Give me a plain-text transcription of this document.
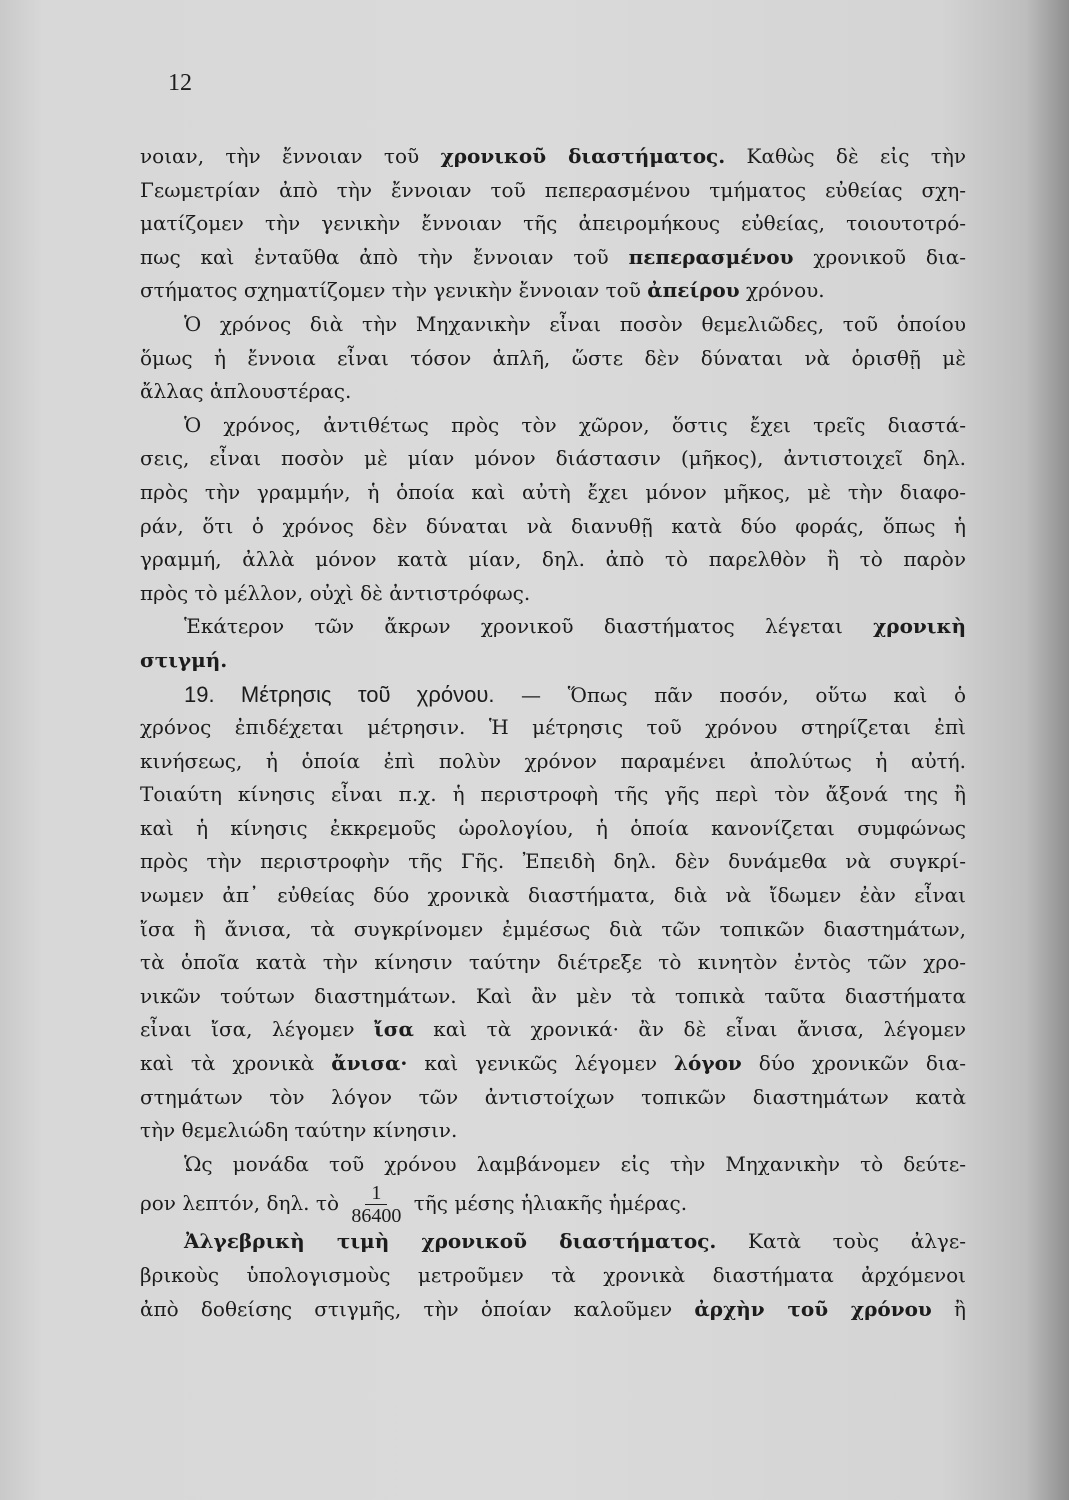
12
νοιαν, τὴν ἔννοιαν τοῦ χρονικοῦ διαστήματος. Καθὼς δὲ εἰς τὴν
Γεωμετρίαν ἀπὸ τὴν ἔννοιαν τοῦ πεπερασμένου τμήματος εὐθείας σχη-
ματίζομεν τὴν γενικὴν ἔννοιαν τῆς ἀπειρομήκους εὐθείας, τοιουτοτρό-
πως καὶ ἐνταῦθα ἀπὸ τὴν ἔννοιαν τοῦ πεπερασμένου χρονικοῦ δια-
στήματος σχηματίζομεν τὴν γενικὴν ἔννοιαν τοῦ ἀπείρου χρόνου.
Ὁ χρόνος διὰ τὴν Μηχανικὴν εἶναι ποσὸν θεμελιῶδες, τοῦ ὁποίου
ὅμως ἡ ἔννοια εἶναι τόσον ἁπλῆ, ὥστε δὲν δύναται νὰ ὁρισθῇ μὲ
ἄλλας ἁπλουστέρας.
Ὁ χρόνος, ἀντιθέτως πρὸς τὸν χῶρον, ὅστις ἔχει τρεῖς διαστά-
σεις, εἶναι ποσὸν μὲ μίαν μόνον διάστασιν (μῆκος), ἀντιστοιχεῖ δηλ.
πρὸς τὴν γραμμήν, ἡ ὁποία καὶ αὐτὴ ἔχει μόνον μῆκος, μὲ τὴν διαφο-
ράν, ὅτι ὁ χρόνος δὲν δύναται νὰ διανυθῇ κατὰ δύο φοράς, ὅπως ἡ
γραμμή, ἀλλὰ μόνον κατὰ μίαν, δηλ. ἀπὸ τὸ παρελθὸν ἢ τὸ παρὸν
πρὸς τὸ μέλλον, οὐχὶ δὲ ἀντιστρόφως.
Ἑκάτερον τῶν ἄκρων χρονικοῦ διαστήματος λέγεται χρονικὴ
στιγμή.
19. Μέτρησις τοῦ χρόνου. — Ὅπως πᾶν ποσόν, οὕτω καὶ ὁ
χρόνος ἐπιδέχεται μέτρησιν. Ἡ μέτρησις τοῦ χρόνου στηρίζεται ἐπὶ
κινήσεως, ἡ ὁποία ἐπὶ πολὺν χρόνον παραμένει ἀπολύτως ἡ αὐτή.
Τοιαύτη κίνησις εἶναι π.χ. ἡ περιστροφὴ τῆς γῆς περὶ τὸν ἄξονά της ἢ
καὶ ἡ κίνησις ἐκκρεμοῦς ὡρολογίου, ἡ ὁποία κανονίζεται συμφώνως
πρὸς τὴν περιστροφὴν τῆς Γῆς. Ἐπειδὴ δηλ. δὲν δυνάμεθα νὰ συγκρί-
νωμεν ἀπ᾿ εὐθείας δύο χρονικὰ διαστήματα, διὰ νὰ ἴδωμεν ἐὰν εἶναι
ἴσα ἢ ἄνισα, τὰ συγκρίνομεν ἐμμέσως διὰ τῶν τοπικῶν διαστημάτων,
τὰ ὁποῖα κατὰ τὴν κίνησιν ταύτην διέτρεξε τὸ κινητὸν ἐντὸς τῶν χρο-
νικῶν τούτων διαστημάτων. Καὶ ἂν μὲν τὰ τοπικὰ ταῦτα διαστήματα
εἶναι ἴσα, λέγομεν ἴσα καὶ τὰ χρονικά· ἂν δὲ εἶναι ἄνισα, λέγομεν
καὶ τὰ χρονικὰ ἄνισα· καὶ γενικῶς λέγομεν λόγον δύο χρονικῶν δια-
στημάτων τὸν λόγον τῶν ἀντιστοίχων τοπικῶν διαστημάτων κατὰ
τὴν θεμελιώδη ταύτην κίνησιν.
Ὡς μονάδα τοῦ χρόνου λαμβάνομεν εἰς τὴν Μηχανικὴν τὸ δεύτε-
ρον λεπτόν, δηλ. τὸ $\frac{1}{86400}$ τῆς μέσης ἡλιακῆς ἡμέρας.
Ἀλγεβρικὴ τιμὴ χρονικοῦ διαστήματος. Κατὰ τοὺς ἀλγε-
βρικοὺς ὑπολογισμοὺς μετροῦμεν τὰ χρονικὰ διαστήματα ἀρχόμενοι
ἀπὸ δοθείσης στιγμῆς, τὴν ὁποίαν καλοῦμεν ἀρχὴν τοῦ χρόνου ἢ
